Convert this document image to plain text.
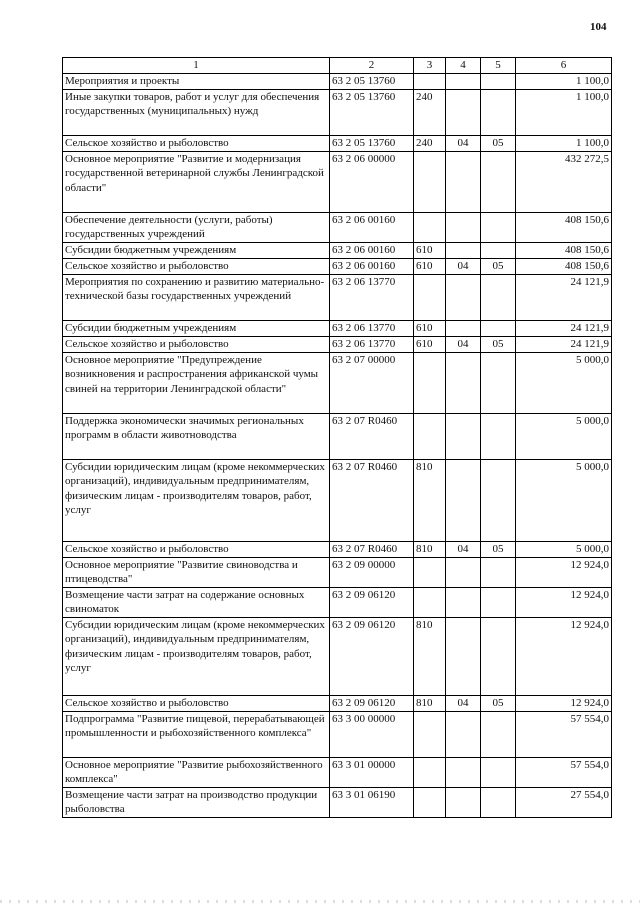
104
1	2	3	4	5	6
Мероприятия и проекты	63 2 05 13760				1 100,0
Иные закупки товаров, работ и услуг для обеспечения государственных (муниципальных) нужд	63 2 05 13760	240			1 100,0
Сельское хозяйство и рыболовство	63 2 05 13760	240	04	05	1 100,0
Основное мероприятие "Развитие и модернизация государственной ветеринарной службы Ленинградской области"	63 2 06 00000				432 272,5
Обеспечение деятельности (услуги, работы) государственных учреждений	63 2 06 00160				408 150,6
Субсидии бюджетным учреждениям	63 2 06 00160	610			408 150,6
Сельское хозяйство и рыболовство	63 2 06 00160	610	04	05	408 150,6
Мероприятия по сохранению и развитию материально-технической базы государственных учреждений	63 2 06 13770				24 121,9
Субсидии бюджетным учреждениям	63 2 06 13770	610			24 121,9
Сельское хозяйство и рыболовство	63 2 06 13770	610	04	05	24 121,9
Основное мероприятие "Предупреждение возникновения и распространения африканской чумы свиней на территории Ленинградской области"	63 2 07 00000				5 000,0
Поддержка экономически значимых региональных программ в области животноводства	63 2 07 R0460				5 000,0
Субсидии юридическим лицам (кроме некоммерческих организаций), индивидуальным предпринимателям, физическим лицам - производителям товаров, работ, услуг	63 2 07 R0460	810			5 000,0
Сельское хозяйство и рыболовство	63 2 07 R0460	810	04	05	5 000,0
Основное мероприятие "Развитие свиноводства и птицеводства"	63 2 09 00000				12 924,0
Возмещение части затрат на содержание основных свиноматок	63 2 09 06120				12 924,0
Субсидии юридическим лицам (кроме некоммерческих организаций), индивидуальным предпринимателям, физическим лицам - производителям товаров, работ, услуг	63 2 09 06120	810			12 924,0
Сельское хозяйство и рыболовство	63 2 09 06120	810	04	05	12 924,0
Подпрограмма "Развитие пищевой, перерабатывающей промышленности и рыбохозяйственного комплекса"	63 3 00 00000				57 554,0
Основное мероприятие "Развитие рыбохозяйственного комплекса"	63 3 01 00000				57 554,0
Возмещение части затрат на производство продукции рыболовства	63 3 01 06190				27 554,0
